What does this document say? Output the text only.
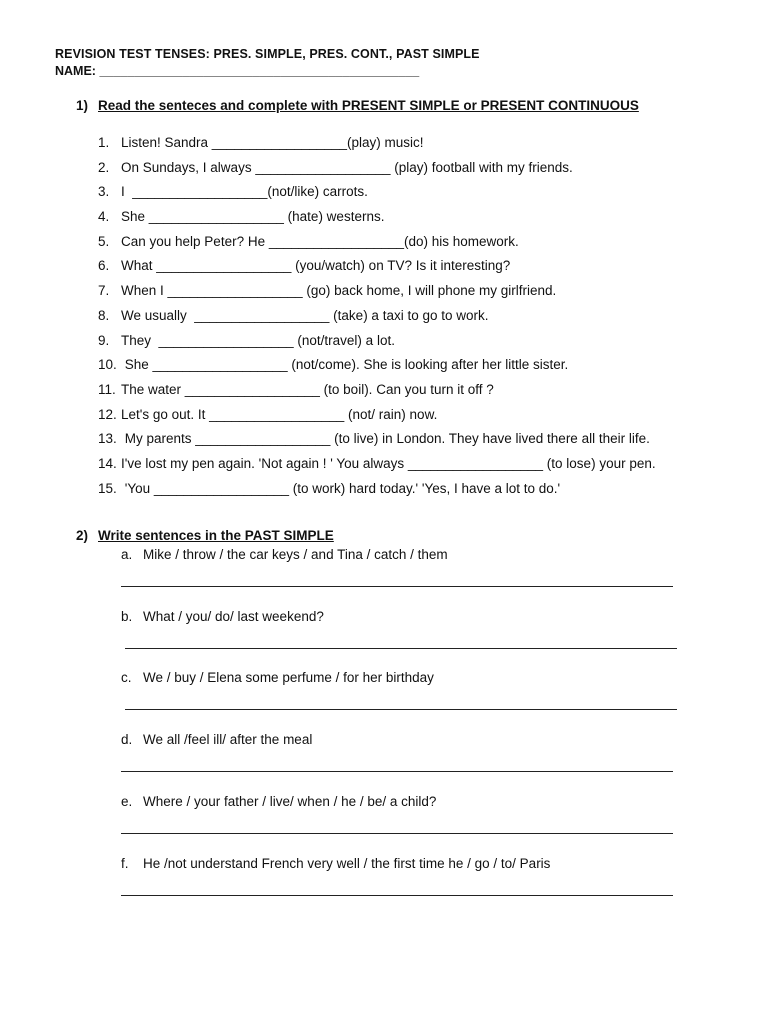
REVISION TEST TENSES: PRES. SIMPLE, PRES. CONT., PAST SIMPLE
NAME: ______________________________________________
1) Read the senteces and complete with PRESENT SIMPLE or PRESENT CONTINUOUS
1. Listen! Sandra __________________(play) music!
2. On Sundays, I always __________________ (play) football with my friends.
3. I  __________________(not/like) carrots.
4. She __________________ (hate) westerns.
5. Can you help Peter? He __________________(do) his homework.
6. What __________________ (you/watch) on TV? Is it interesting?
7. When I __________________ (go) back home, I will phone my girlfriend.
8. We usually  __________________ (take) a taxi to go to work.
9. They  __________________ (not/travel) a lot.
10. She __________________ (not/come). She is looking after her little sister.
11. The water __________________ (to boil). Can you turn it off ?
12. Let's go out. It __________________ (not/ rain) now.
13. My parents __________________ (to live) in London. They have lived there all their life.
14. I've lost my pen again. 'Not again ! ' You always __________________ (to lose) your pen.
15. 'You __________________ (to work) hard today.' 'Yes, I have a lot to do.'
2) Write sentences in the PAST SIMPLE
a. Mike / throw / the car keys / and Tina / catch / them
b. What / you/ do/ last weekend?
c. We / buy / Elena some perfume / for her birthday
d. We all /feel ill/ after the meal
e. Where / your father / live/ when / he / be/ a child?
f. He /not understand French very well / the first time he / go / to/ Paris
